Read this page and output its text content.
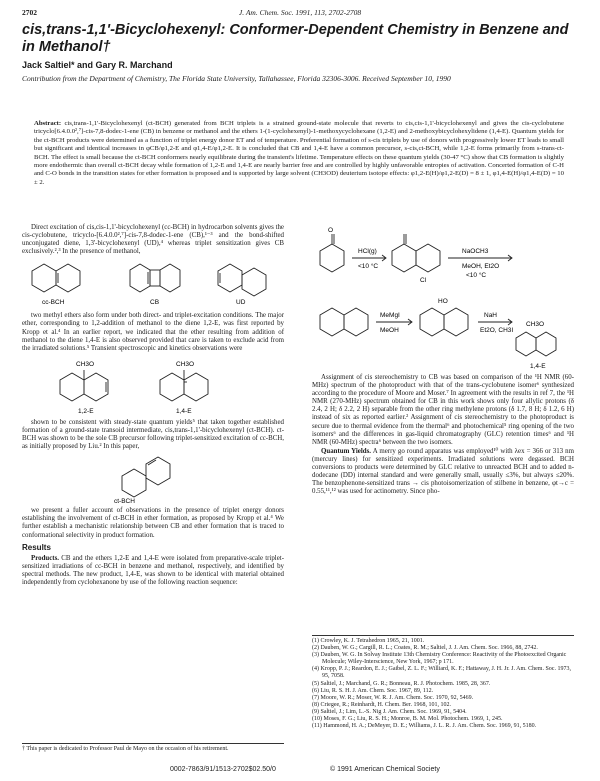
2702	J. Am. Chem. Soc. 1991, 113, 2702-2708
cis,trans-1,1'-Bicyclohexenyl: Conformer-Dependent Chemistry in Benzene and in Methanol†
Jack Saltiel* and Gary R. Marchand
Contribution from the Department of Chemistry, The Florida State University, Tallahassee, Florida 32306-3006. Received September 10, 1990

Abstract: cis,trans-1,1'-Bicyclohexenyl (ct-BCH) generated from BCH triplets is a strained ground-state molecule that reverts to cis,cis-1,1'-bicyclohexenyl and gives the cis-cyclobutene tricyclo[6.4.0.0²,⁷]-cis-7,8-dodec-1-ene (CB) in benzene or methanol and the ethers 1-(1-cyclohexenyl)-1-methoxycyclohexane (1,2-E) and 2-methoxybicyclohexylidene (1,4-E). Quantum yields for the ct-BCH products were determined as a function of triplet energy donor ET and of temperature. Preferential formation of s-cis triplets by use of donors with progressively lower ET leads to small but significant and identical increases in φCB/φ1,2-E and φ1,4-E/φ1,2-E. It is concluded that CB and 1,4-E have a common precursor, s-cis,ct-BCH, while 1,2-E forms primarily from s-trans-ct-BCH. The effect is small because the ct-BCH conformers nearly equilibrate during the transient's lifetime. Temperature effects on these quantum yields (30-47 °C) show that CB formation is slightly more endothermic than overall ct-BCH decay while formation of 1,2-E and 1,4-E are nearly barrier free and are controlled by highly unfavorable entropies of activation. Concerted formation of C-H and C-O bonds in the transition states for ether formation is proposed and is supported by large solvent (CH3OD) deuterium isotope effects: φ1,2-E(H)/φ1,2-E(D) = 8 ± 1, φ1,4-E(H)/φ1,4-E(D) = 10 ± 2.

Direct excitation of cis,cis-1,1'-bicyclohexenyl (cc-BCH) in hydrocarbon solvents gives the cis-cyclobutene, tricyclo-[6.4.0.0²,⁷]-cis-7,8-dodec-1-ene (CB),¹⁻³ and the bond-shifted unconjugated diene, 1,3'-bicyclohexenyl (UD),⁴ whereas triplet sensitization gives CB exclusively.²,³ In the presence of methanol,

cc-BCH	CB	UD

two methyl ethers also form under both direct- and triplet-excitation conditions. The major ether, corresponding to 1,2-addition of methanol to the diene 1,2-E, was first reported by Kropp et al.⁴ In an earlier report, we indicated that the ether resulting from addition of methanol to the diene 1,4-E is also observed provided that care is taken to exclude acid from the irradiated solutions.⁵ Transient spectroscopic and kinetics observations were

CH3O	CH3O
1,2-E	1,4-E

shown to be consistent with steady-state quantum yields⁵ that taken together established formation of a ground-state transoid intermediate, cis,trans-1,1'-bicyclohexenyl (ct-BCH). ct-BCH was shown to be the sole CB precursor following triplet-sensitized excitation of cc-BCH, as initially proposed by Liu.² In this paper,

ct-BCH

we present a fuller account of observations in the presence of triplet energy donors establishing the involvement of ct-BCH in ether formation, as proposed by Kropp et al.⁴ We further establish a mechanistic relationship between CB and ether formation that is traced to conformational selectivity in product formation.

Results

Products. CB and the ethers 1,2-E and 1,4-E were isolated from preparative-scale triplet-sensitized irradiations of cc-BCH in benzene and methanol, respectively, and identified by spectral methods. The new product, 1,4-E, was shown to be identical with material obtained independently from cyclohexanone by use of the following reaction sequence:

O
HCl(g)
<10 °C
Cl
NaOCH3
MeOH, Et2O
<10 °C
MeMgI
MeOH
HO
NaH
Et2O, CH3I
CH3O
1,4-E

Assignment of cis stereochemistry to CB was based on comparison of the ¹H NMR (60-MHz) spectrum of the photoproduct with that of the trans-cyclobutene isomer⁶ synthesized according to the procedure of Moore and Moser.⁷ In agreement with the results in ref 7, the ¹H NMR (270-MHz) spectrum obtained for CB in this work shows only four allylic protons (δ 2.4, 2 H; δ 2.2, 2 H) separable from the other ring methylene protons (δ 1.7, 8 H; δ 1.2, 6 H) instead of six as reported earlier.² Assignment of cis stereochemistry to the photoproduct is secure due to thermal evidence from the thermal⁶ and photochemical⁵ ring opening of the two isomers⁶ and the differences in gas-liquid chromatography (GLC) retention times⁶ and ¹H NMR (60-MHz) spectra⁶ between the two isomers.

Quantum Yields. A merry go round apparatus was employed¹⁰ with λex = 366 or 313 nm (mercury lines) for sensitized experiments. Irradiated solutions were degassed. BCH conversions to products were determined by GLC relative to unreacted BCH and to added n-dodecane (DD) internal standard and were generally small, usually ≤3%, but always ≤20%. The benzophenone-sensitized trans → cis photoisomerization of stilbene in benzene, φt→c = 0.55,¹¹,¹² was used for actinometry. Since pho-

(1) Crowley, K. J. Tetrahedron 1965, 21, 1001.
(2) Dauben, W. G.; Cargill, R. L.; Coates, R. M.; Saltiel, J. J. Am. Chem. Soc. 1966, 88, 2742.
(3) Dauben, W. G. In Solvay Institute 13th Chemistry Conference: Reactivity of the Photoexcited Organic Molecule; Wiley-Interscience, New York, 1967; p 171.
(4) Kropp, P. J.; Reardon, E. J.; Gaibel, Z. L. F.; Williard, K. F.; Hattaway, J. H. Jr. J. Am. Chem. Soc. 1973, 95, 7058.
(5) Saltiel, J.; Marchand, G. R.; Bonneau, R. J. Photochem. 1985, 28, 367.
(6) Liu, R. S. H. J. Am. Chem. Soc. 1967, 89, 112.
(7) Moore, W. R.; Moser, W. R. J. Am. Chem. Soc. 1970, 92, 5469.
(8) Criegee, R.; Reinhardt, H. Chem. Ber. 1968, 101, 102.
(9) Saltiel, J.; Lim, L.-S. Nig J. Am. Chem. Soc. 1969, 91, 5404.
(10) Moses, F. G.; Liu, R. S. H.; Monroe, B. M. Mol. Photochem. 1969, 1, 245.
(11) Hammond, H. A.; DeMeyer, D. E.; Williams, J. L. R. J. Am. Chem. Soc. 1969, 91, 5180.
† This paper is dedicated to Professor Paul de Mayo on the occasion of his retirement.
0002-7863/91/1513-2702$02.50/0	© 1991 American Chemical Society
